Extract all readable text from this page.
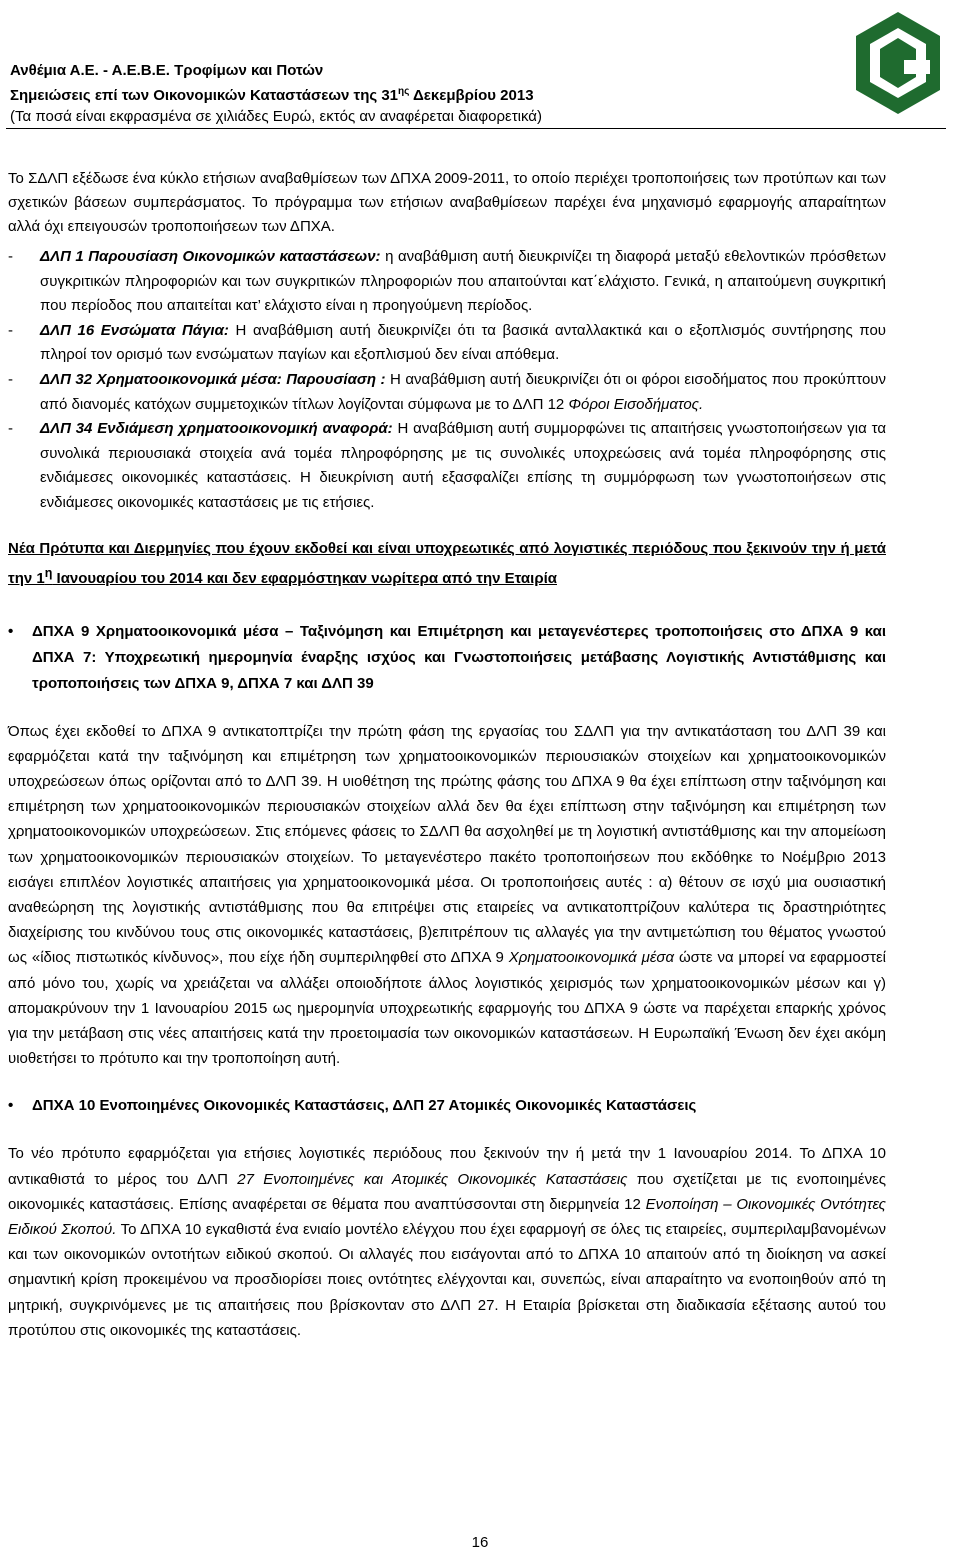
Ανθέμια Α.Ε. - Α.Ε.Β.Ε. Τροφίμων και Ποτών
Σημειώσεις επί των Οικονομικών Καταστάσεων της $31^{\eta\varsigma}$ Δεκεμβρίου 2013
(Τα ποσά είναι εκφρασμένα σε χιλιάδες Ευρώ, εκτός αν αναφέρεται διαφορετικά)

Το ΣΔΛΠ εξέδωσε ένα κύκλο ετήσιων αναβαθμίσεων των ΔΠΧΑ 2009-2011, το οποίο περιέχει τροποποιήσεις των προτύπων και των σχετικών βάσεων συμπεράσματος. Το πρόγραμμα των ετήσιων αναβαθμίσεων παρέχει ένα μηχανισμό εφαρμογής απαραίτητων αλλά όχι επειγουσών τροποποιήσεων των ΔΠΧΑ.

- ΔΛΠ 1 Παρουσίαση Οικονομικών καταστάσεων: η αναβάθμιση αυτή διευκρινίζει τη διαφορά μεταξύ εθελοντικών πρόσθετων συγκριτικών πληροφοριών και των συγκριτικών πληροφοριών που απαιτούνται κατ΄ελάχιστο. Γενικά, η απαιτούμενη συγκριτική που περίοδος που απαιτείται κατ’ ελάχιστο είναι η προηγούμενη περίοδος.
- ΔΛΠ 16 Ενσώματα Πάγια: Η αναβάθμιση αυτή διευκρινίζει ότι τα βασικά ανταλλακτικά και ο εξοπλισμός συντήρησης που πληροί τον ορισμό των ενσώματων παγίων και εξοπλισμού δεν είναι απόθεμα.
- ΔΛΠ 32 Χρηματοοικονομικά μέσα: Παρουσίαση : Η αναβάθμιση αυτή διευκρινίζει ότι οι φόροι εισοδήματος που προκύπτουν από διανομές κατόχων συμμετοχικών τίτλων λογίζονται σύμφωνα με το ΔΛΠ 12 Φόροι Εισοδήματος.
- ΔΛΠ 34 Ενδιάμεση χρηματοοικονομική αναφορά: Η αναβάθμιση αυτή συμμορφώνει τις απαιτήσεις γνωστοποιήσεων για τα συνολικά περιουσιακά στοιχεία ανά τομέα πληροφόρησης με τις συνολικές υποχρεώσεις ανά τομέα πληροφόρησης στις ενδιάμεσες οικονομικές καταστάσεις. Η διευκρίνιση αυτή εξασφαλίζει επίσης τη συμμόρφωση των γνωστοποιήσεων στις ενδιάμεσες οικονομικές καταστάσεις με τις ετήσιες.

Νέα Πρότυπα και Διερμηνίες που έχουν εκδοθεί και είναι υποχρεωτικές από λογιστικές περιόδους που ξεκινούν την ή μετά την $1^\eta$ Ιανουαρίου του 2014 και δεν εφαρμόστηκαν νωρίτερα από την Εταιρία

• ΔΠΧΑ 9 Χρηματοοικονομικά μέσα – Ταξινόμηση και Επιμέτρηση και μεταγενέστερες τροποποιήσεις στο ΔΠΧΑ 9 και ΔΠΧΑ 7: Υποχρεωτική ημερομηνία έναρξης ισχύος και Γνωστοποιήσεις μετάβασης Λογιστικής Αντιστάθμισης και τροποποιήσεις των ΔΠΧΑ 9, ΔΠΧΑ 7 και ΔΛΠ 39

Όπως έχει εκδοθεί το ΔΠΧΑ 9 αντικατοπτρίζει την πρώτη φάση της εργασίας του ΣΔΛΠ για την αντικατάσταση του ΔΛΠ 39 και εφαρμόζεται κατά την ταξινόμηση και επιμέτρηση των χρηματοοικονομικών περιουσιακών στοιχείων και χρηματοοικονομικών υποχρεώσεων όπως ορίζονται από το ΔΛΠ 39. Η υιοθέτηση της πρώτης φάσης του ΔΠΧΑ 9 θα έχει επίπτωση στην ταξινόμηση και επιμέτρηση των χρηματοοικονομικών περιουσιακών στοιχείων αλλά δεν θα έχει επίπτωση στην ταξινόμηση και επιμέτρηση των χρηματοοικονομικών υποχρεώσεων. Στις επόμενες φάσεις το ΣΔΛΠ θα ασχοληθεί με τη λογιστική αντιστάθμισης και την απομείωση των χρηματοοικονομικών περιουσιακών στοιχείων. Το μεταγενέστερο πακέτο τροποποιήσεων που εκδόθηκε το Νοέμβριο 2013 εισάγει επιπλέον λογιστικές απαιτήσεις για χρηματοοικονομικά μέσα. Οι τροποποιήσεις αυτές : α) θέτουν σε ισχύ μια ουσιαστική αναθεώρηση της λογιστικής αντιστάθμισης που θα επιτρέψει στις εταιρείες να αντικατοπτρίζουν καλύτερα τις δραστηριότητες διαχείρισης του κινδύνου τους στις οικονομικές καταστάσεις, β)επιτρέπουν τις αλλαγές για την αντιμετώπιση του θέματος γνωστού ως «ίδιος πιστωτικός κίνδυνος», που είχε ήδη συμπεριληφθεί στο ΔΠΧΑ 9 Χρηματοοικονομικά μέσα ώστε να μπορεί να εφαρμοστεί από μόνο του, χωρίς να χρειάζεται να αλλάξει οποιοδήποτε άλλος λογιστικός χειρισμός των χρηματοοικονομικών μέσων και γ) απομακρύνουν την 1 Ιανουαρίου 2015 ως ημερομηνία υποχρεωτικής εφαρμογής του ΔΠΧΑ 9 ώστε να παρέχεται επαρκής χρόνος για την μετάβαση στις νέες απαιτήσεις κατά την προετοιμασία των οικονομικών καταστάσεων. Η Ευρωπαϊκή Ένωση δεν έχει ακόμη υιοθετήσει το πρότυπο και την τροποποίηση αυτή.

• ΔΠΧΑ 10 Ενοποιημένες Οικονομικές Καταστάσεις, ΔΛΠ 27 Ατομικές Οικονομικές Καταστάσεις

Το νέο πρότυπο εφαρμόζεται για ετήσιες λογιστικές περιόδους που ξεκινούν την ή μετά την 1 Ιανουαρίου 2014. Το ΔΠΧΑ 10 αντικαθιστά το μέρος του ΔΛΠ 27 Ενοποιημένες και Ατομικές Οικονομικές Καταστάσεις που σχετίζεται με τις ενοποιημένες οικονομικές καταστάσεις. Επίσης αναφέρεται σε θέματα που αναπτύσσονται στη διερμηνεία 12 Ενοποίηση – Οικονομικές Οντότητες Ειδικού Σκοπού. Το ΔΠΧΑ 10 εγκαθιστά ένα ενιαίο μοντέλο ελέγχου που έχει εφαρμογή σε όλες τις εταιρείες, συμπεριλαμβανομένων και των οικονομικών οντοτήτων ειδικού σκοπού. Οι αλλαγές που εισάγονται από το ΔΠΧΑ 10 απαιτούν από τη διοίκηση να ασκεί σημαντική κρίση προκειμένου να προσδιορίσει ποιες οντότητες ελέγχονται και, συνεπώς, είναι απαραίτητο να ενοποιηθούν από τη μητρική, συγκρινόμενες με τις απαιτήσεις που βρίσκονταν στο ΔΛΠ 27. Η Εταιρία βρίσκεται στη διαδικασία εξέτασης αυτού του προτύπου στις οικονομικές της καταστάσεις.

16
